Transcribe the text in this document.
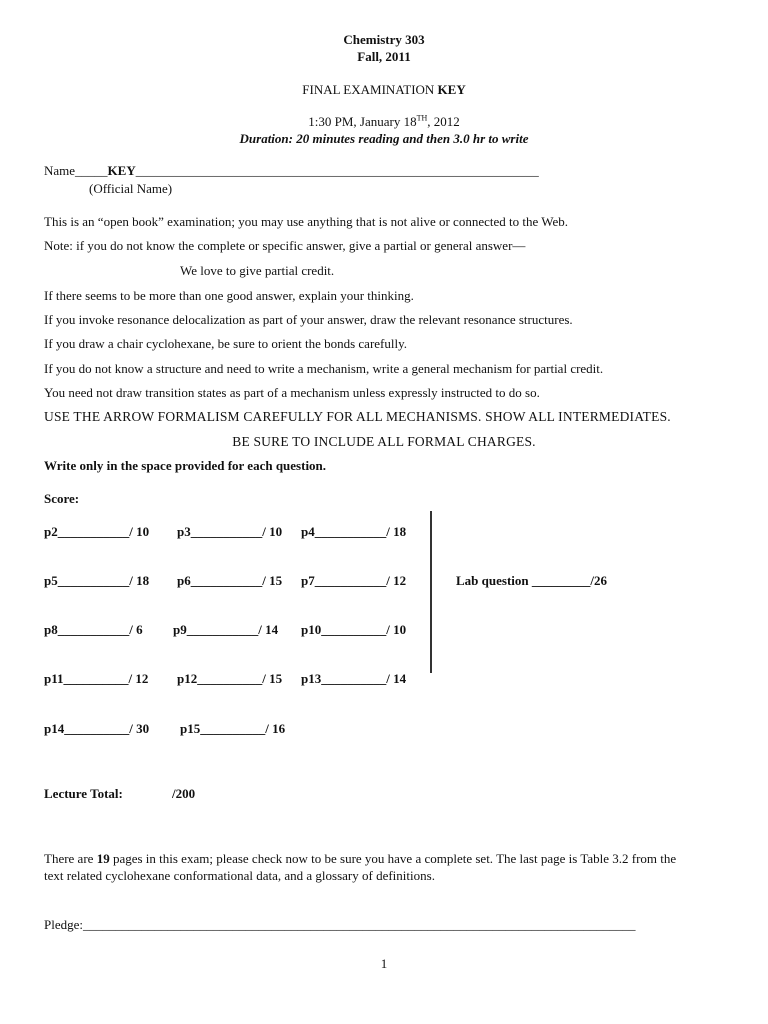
Chemistry 303
Fall, 2011
FINAL EXAMINATION KEY
1:30 PM, January 18TH, 2012
Duration: 20 minutes reading and then 3.0 hr to write
Name_____KEY______________________________________________________________
(Official Name)
This is an “open book” examination; you may use anything that is not alive or connected to the Web.
Note: if you do not know the complete or specific answer, give a partial or general answer—
We love to give partial credit.
If there seems to be more than one good answer, explain your thinking.
If you invoke resonance delocalization as part of your answer, draw the relevant resonance structures.
If you draw a chair cyclohexane, be sure to orient the bonds carefully.
If you do not know a structure and need to write a mechanism, write a general mechanism for partial credit.
You need not draw transition states as part of a mechanism unless expressly instructed to do so.
USE THE ARROW FORMALISM CAREFULLY FOR ALL MECHANISMS. SHOW ALL INTERMEDIATES.
BE SURE TO INCLUDE ALL FORMAL CHARGES.
Write only in the space provided for each question.
Score:
p2___________/ 10 p3___________/ 10 p4___________/ 18
p5___________/ 18 p6___________/ 15 p7___________/ 12
p8___________/ 6 p9___________/ 14 p10__________/ 10
p11__________/ 12 p12__________/ 15 p13__________/ 14
p14__________/ 30 p15__________/ 16
Lab question _________/26
Lecture Total:	/200
There are 19 pages in this exam; please check now to be sure you have a complete set. The last page is Table 3.2 from the
text related cyclohexane conformational data, and a glossary of definitions.
Pledge:_____________________________________________________________________________________
1
